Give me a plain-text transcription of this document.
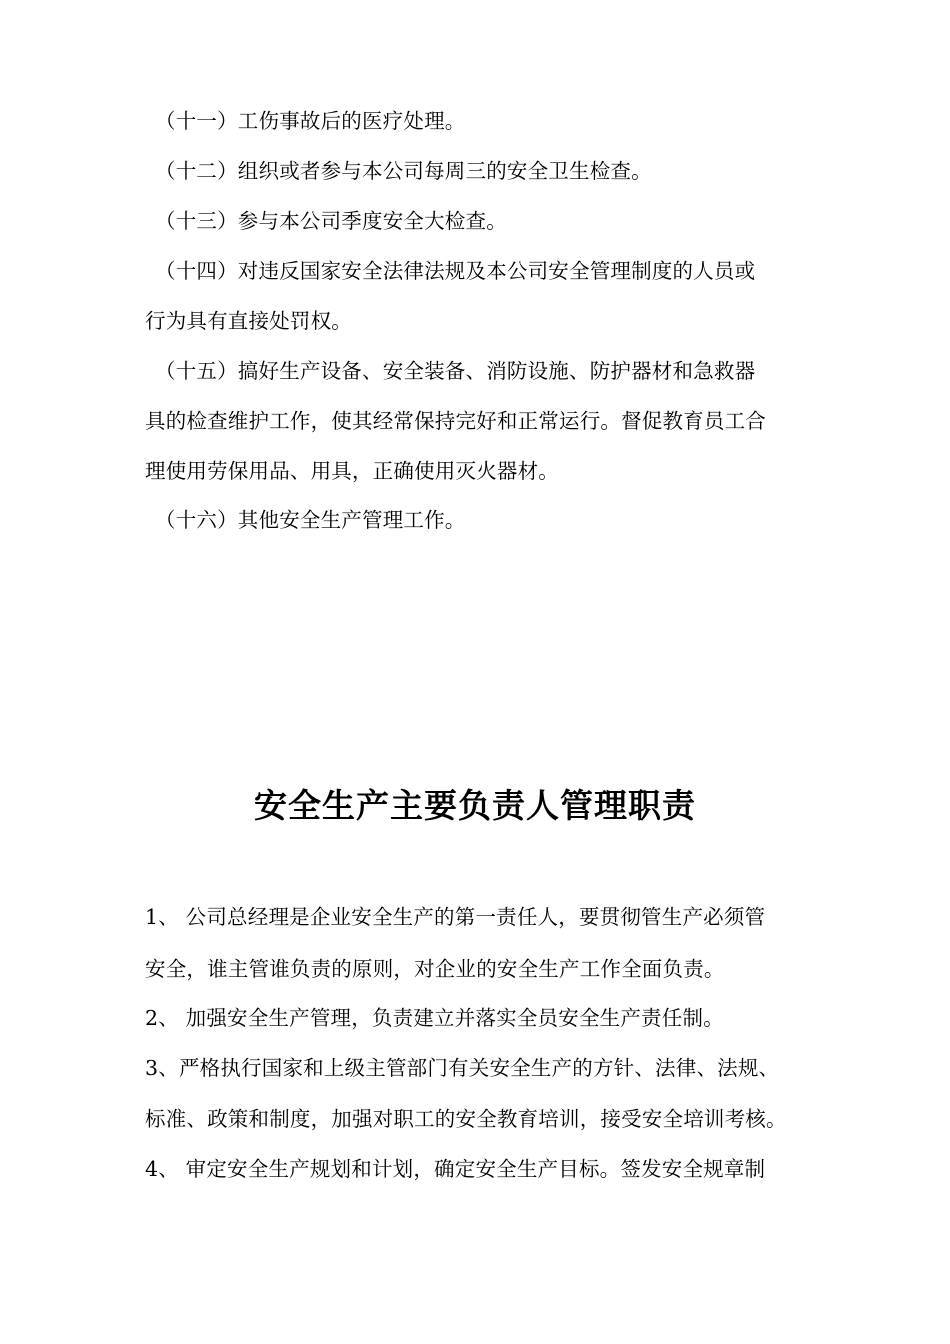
（十一）工伤事故后的医疗处理。
（十二）组织或者参与本公司每周三的安全卫生检查。
（十三）参与本公司季度安全大检查。
（十四）对违反国家安全法律法规及本公司安全管理制度的人员或
行为具有直接处罚权。
（十五）搞好生产设备、安全装备、消防设施、防护器材和急救器
具的检查维护工作，使其经常保持完好和正常运行。督促教育员工合
理使用劳保用品、用具，正确使用灭火器材。
（十六）其他安全生产管理工作。
安全生产主要负责人管理职责
1、 公司总经理是企业安全生产的第一责任人，要贯彻管生产必须管
安全，谁主管谁负责的原则，对企业的安全生产工作全面负责。
2、 加强安全生产管理，负责建立并落实全员安全生产责任制。
3、严格执行国家和上级主管部门有关安全生产的方针、法律、法规、
标准、政策和制度，加强对职工的安全教育培训，接受安全培训考核。
4、 审定安全生产规划和计划，确定安全生产目标。签发安全规章制
